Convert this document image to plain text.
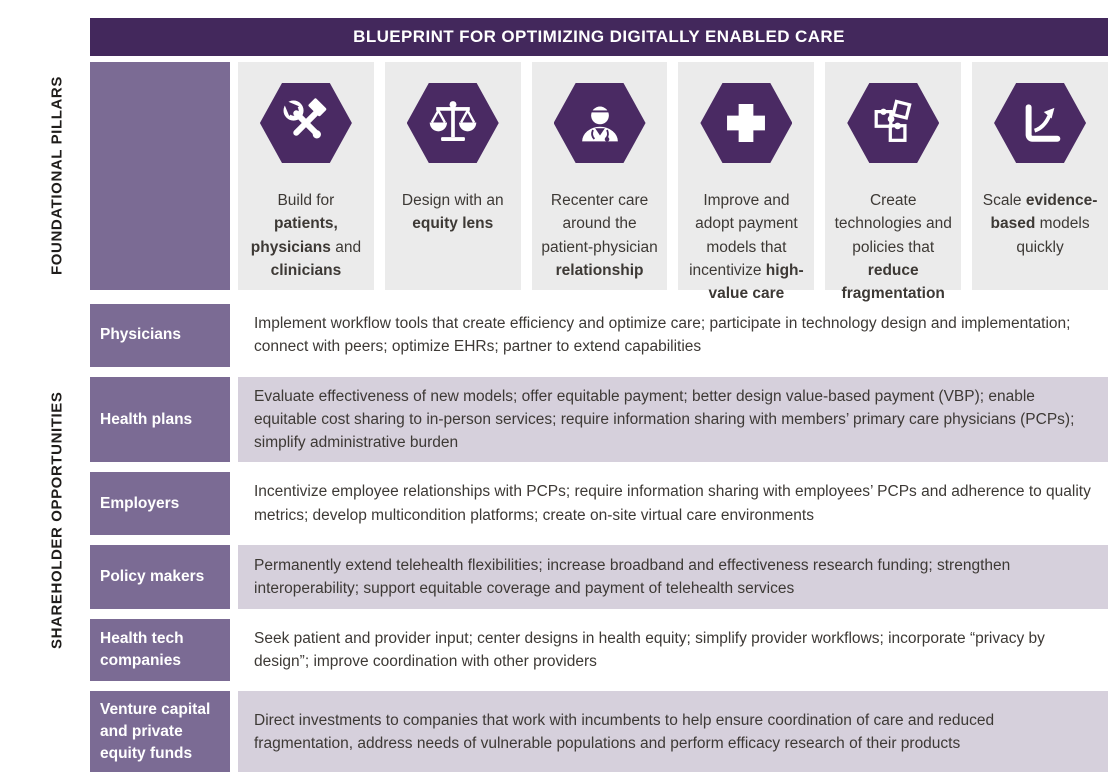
BLUEPRINT FOR OPTIMIZING DIGITALLY ENABLED CARE
FOUNDATIONAL PILLARS	Build for patients, physicians and clinicians
Design with an equity lens
Recenter care around the patient-physician relationship
Improve and adopt payment models that incentivize high-value care
Create technologies and policies that reduce fragmentation
Scale evidence-based models quickly
SHAREHOLDER OPPORTUNITIES
Physicians
Implement workflow tools that create efficiency and optimize care; participate in technology design and implementation; connect with peers; optimize EHRs; partner to extend capabilities
Health plans
Evaluate effectiveness of new models; offer equitable payment; better design value-based payment (VBP); enable equitable cost sharing to in-person services; require information sharing with members’ primary care physicians (PCPs); simplify administrative burden
Employers
Incentivize employee relationships with PCPs; require information sharing with employees’ PCPs and adherence to quality metrics; develop multicondition platforms; create on-site virtual care environments
Policy makers
Permanently extend telehealth flexibilities; increase broadband and effectiveness research funding; strengthen interoperability; support equitable coverage and payment of telehealth services
Health tech companies
Seek patient and provider input; center designs in health equity; simplify provider workflows; incorporate “privacy by design”; improve coordination with other providers
Venture capital and private equity funds
Direct investments to companies that work with incumbents to help ensure coordination of care and reduced fragmentation, address needs of vulnerable populations and perform efficacy research of their products
